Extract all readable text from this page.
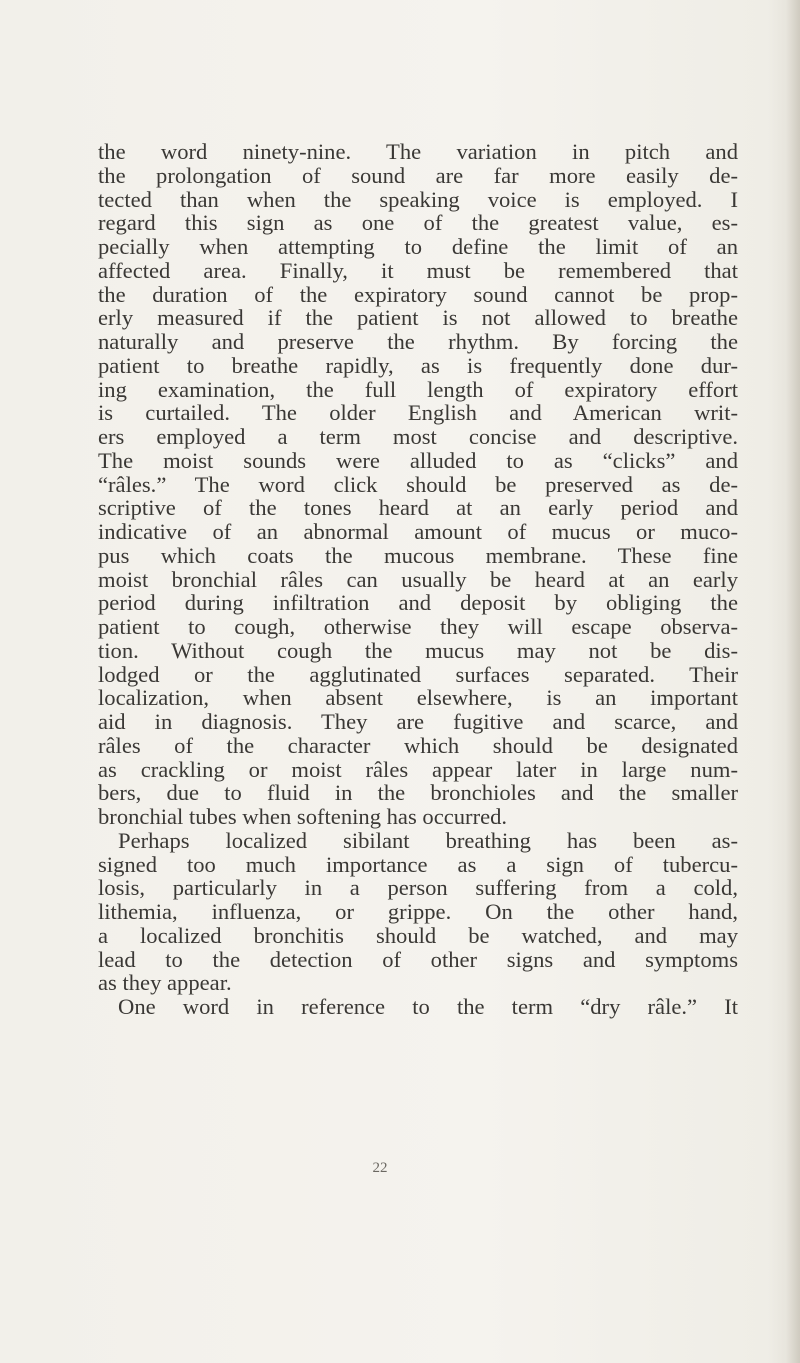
the word ninety-nine. The variation in pitch and
the prolongation of sound are far more easily de-
tected than when the speaking voice is employed. I
regard this sign as one of the greatest value, es-
pecially when attempting to define the limit of an
affected area. Finally, it must be remembered that
the duration of the expiratory sound cannot be prop-
erly measured if the patient is not allowed to breathe
naturally and preserve the rhythm. By forcing the
patient to breathe rapidly, as is frequently done dur-
ing examination, the full length of expiratory effort
is curtailed. The older English and American writ-
ers employed a term most concise and descriptive.
The moist sounds were alluded to as “clicks” and
“râles.” The word click should be preserved as de-
scriptive of the tones heard at an early period and
indicative of an abnormal amount of mucus or muco-
pus which coats the mucous membrane. These fine
moist bronchial râles can usually be heard at an early
period during infiltration and deposit by obliging the
patient to cough, otherwise they will escape observa-
tion. Without cough the mucus may not be dis-
lodged or the agglutinated surfaces separated. Their
localization, when absent elsewhere, is an important
aid in diagnosis. They are fugitive and scarce, and
râles of the character which should be designated
as crackling or moist râles appear later in large num-
bers, due to fluid in the bronchioles and the smaller
bronchial tubes when softening has occurred.
Perhaps localized sibilant breathing has been as-
signed too much importance as a sign of tubercu-
losis, particularly in a person suffering from a cold,
lithemia, influenza, or grippe. On the other hand,
a localized bronchitis should be watched, and may
lead to the detection of other signs and symptoms
as they appear.
One word in reference to the term “dry râle.” It
22
